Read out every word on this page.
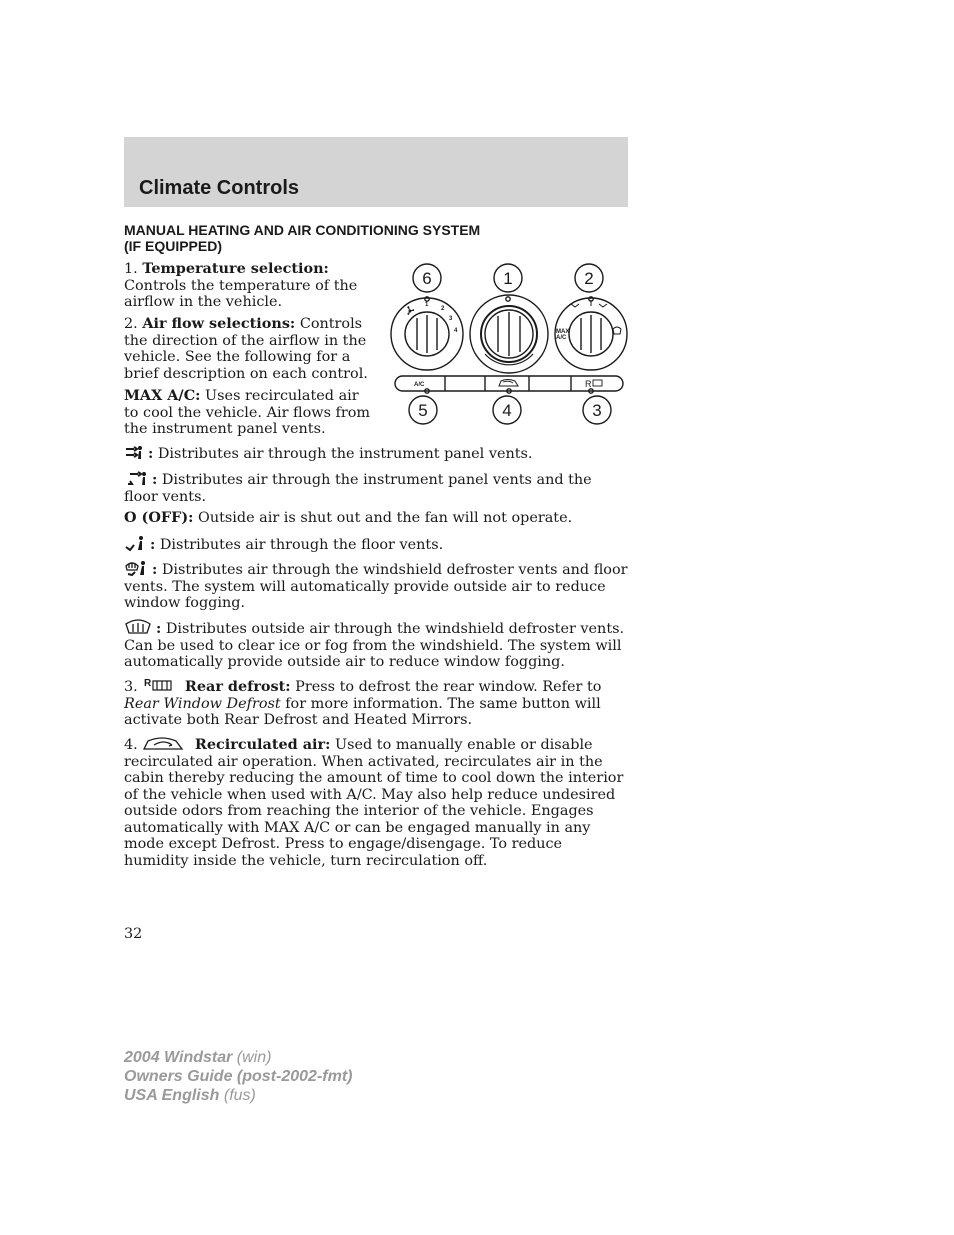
Climate Controls
MANUAL HEATING AND AIR CONDITIONING SYSTEM
(IF EQUIPPED)
6	1	2
5	4	3
1
2
3
4	MAX
A/C
A/C	R

1. Temperature selection: Controls the temperature of the airflow in the vehicle.

2. Air flow selections: Controls the direction of the airflow in the vehicle. See the following for a brief description on each control.

MAX A/C: Uses recirculated air to cool the vehicle. Air flows from the instrument panel vents.

: Distributes air through the instrument panel vents.

: Distributes air through the instrument panel vents and the floor vents.

O (OFF): Outside air is shut out and the fan will not operate.

: Distributes air through the floor vents.

: Distributes air through the windshield defroster vents and floor vents. The system will automatically provide outside air to reduce window fogging.

: Distributes outside air through the windshield defroster vents. Can be used to clear ice or fog from the windshield. The system will automatically provide outside air to reduce window fogging.

3. R Rear defrost: Press to defrost the rear window. Refer to Rear Window Defrost for more information. The same button will activate both Rear Defrost and Heated Mirrors.

4.	Recirculated air: Used to manually enable or disable recirculated air operation. When activated, recirculates air in the cabin thereby reducing the amount of time to cool down the interior of the vehicle when used with A/C. May also help reduce undesired outside odors from reaching the interior of the vehicle. Engages automatically with MAX A/C or can be engaged manually in any mode except Defrost. Press to engage/disengage. To reduce humidity inside the vehicle, turn recirculation off.

32
2004 Windstar (win)
Owners Guide (post-2002-fmt)
USA English (fus)
